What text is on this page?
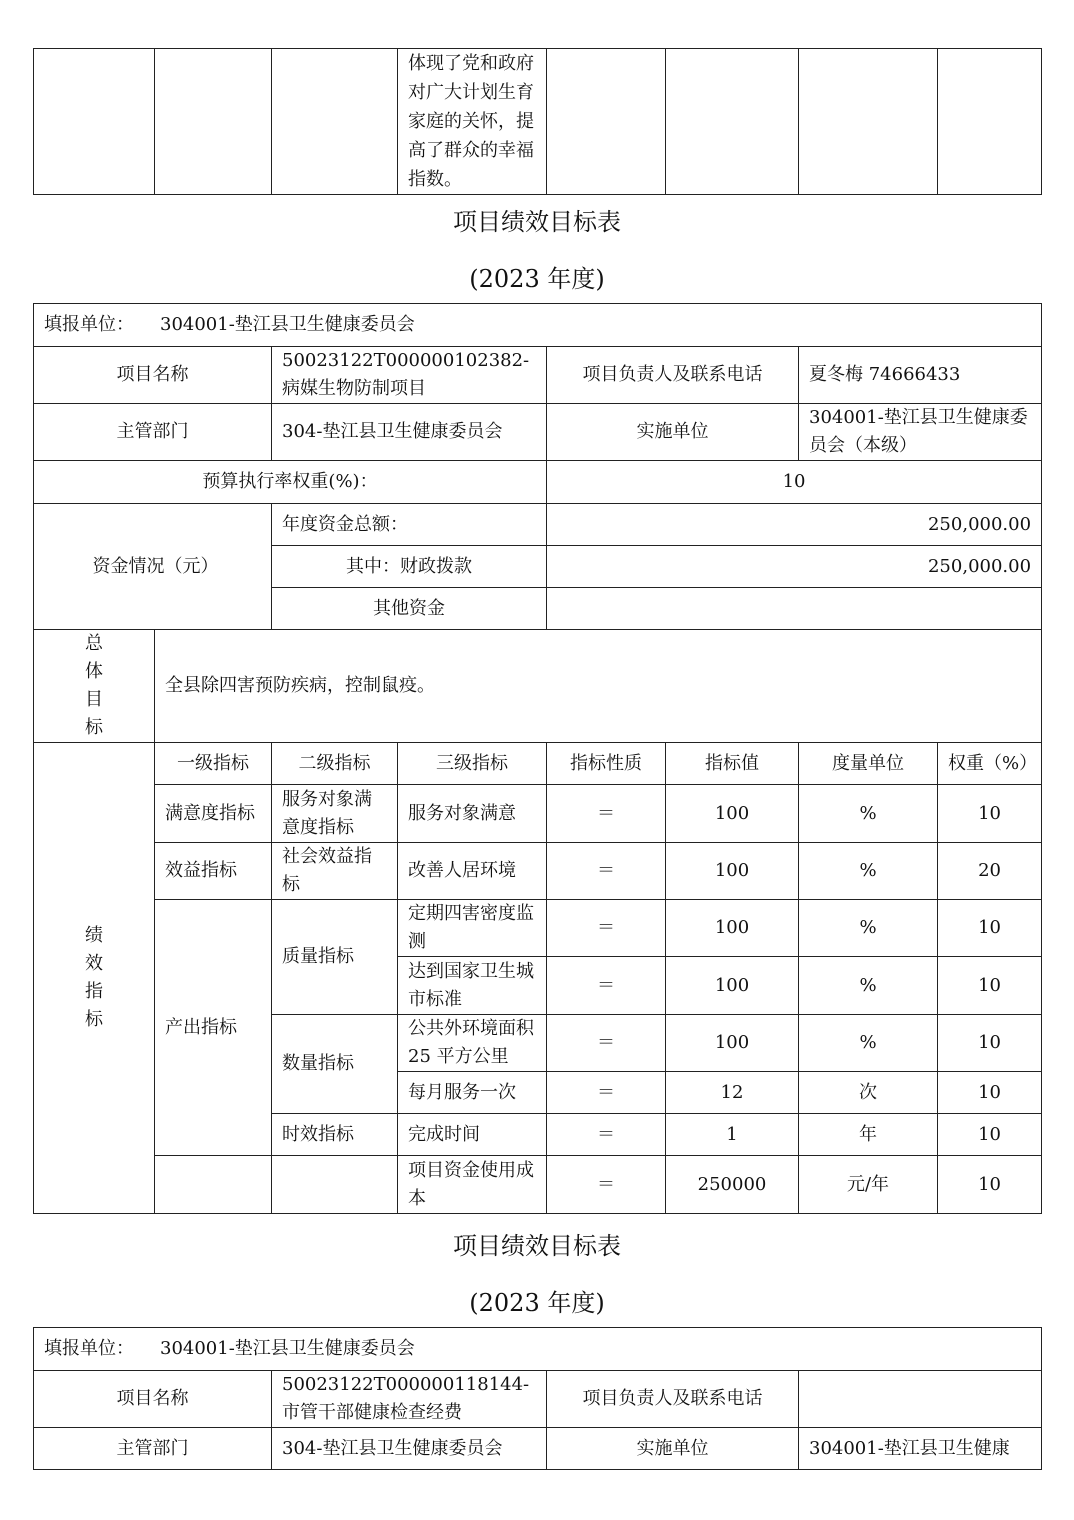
			体现了党和政府对广大计划生育家庭的关怀，提高了群众的幸福指数。				
项目绩效目标表
(2023 年度)
填报单位： 304001-垫江县卫生健康委员会							
项目名称		50023122T000000102382-病媒生物防制项目		项目负责人及联系电话		夏冬梅 74666433	
主管部门		304-垫江县卫生健康委员会		实施单位		304001-垫江县卫生健康委员会（本级）	
预算执行率权重(%)：				10			

资金情况（元）		年度资金总额：		250,000.00			
		其中：财政拨款		250,000.00			
		其他资金					

总体目标	全县除四害预防疾病，控制鼠疫。						

绩效指标	一级指标	二级指标	三级指标	指标性质	指标值	度量单位	权重（%）
	满意度指标	服务对象满意度指标	服务对象满意	＝	100	%	10
	效益指标	社会效益指标	改善人居环境	＝	100	%	20
	产出指标	质量指标	定期四害密度监测	＝	100	%	10
			达到国家卫生城市标准	＝	100	%	10
		数量指标	公共外环境面积 25 平方公里	＝	100	%	10
			每月服务一次	＝	12	次	10
		时效指标	完成时间	＝	1	年	10
			项目资金使用成本	＝	250000	元/年	10
项目绩效目标表
(2023 年度)
填报单位： 304001-垫江县卫生健康委员会			
项目名称	50023122T000000118144-市管干部健康检查经费	项目负责人及联系电话	
主管部门	304-垫江县卫生健康委员会	实施单位	304001-垫江县卫生健康
